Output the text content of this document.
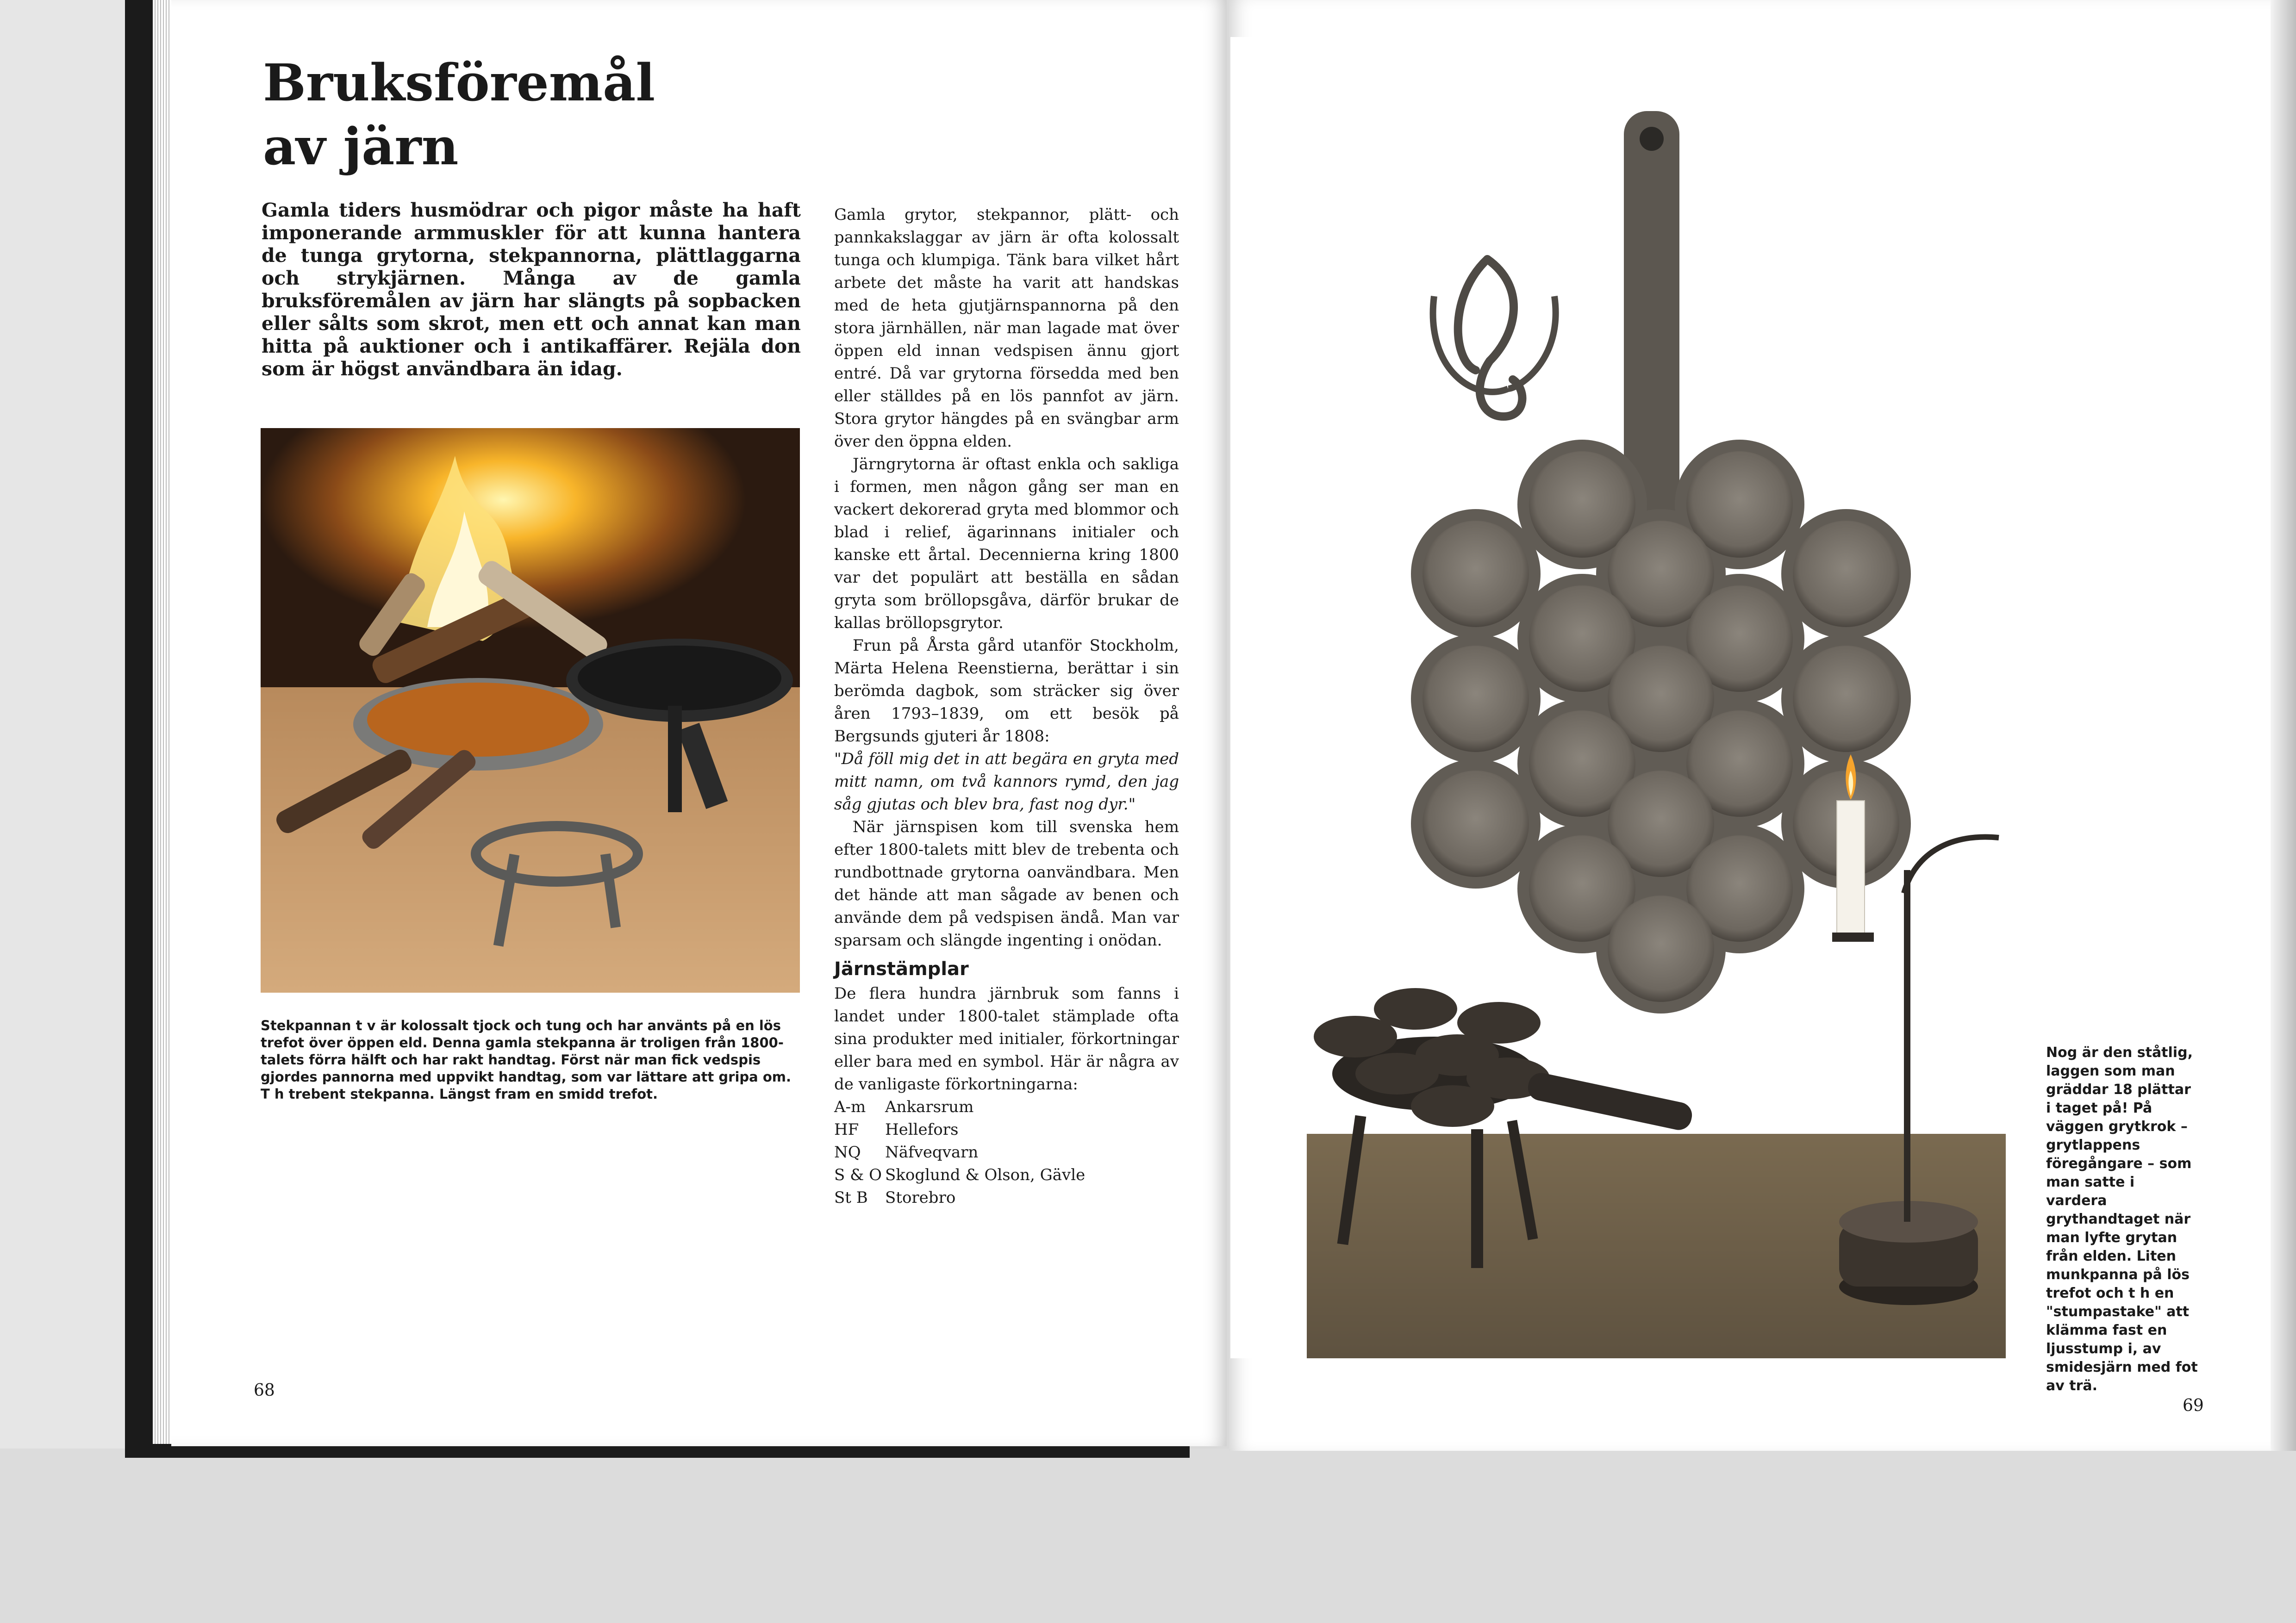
Bruksföremål
av järn
Gamla tiders husmödrar och pigor måste ha haft imponerande armmuskler för att kunna hantera de tunga grytorna, stekpannorna, plättlaggarna och strykjärnen. Många av de gamla bruksföremålen av järn har slängts på sopbacken eller sålts som skrot, men ett och annat kan man hitta på auktioner och i antikaffärer. Rejäla don som är högst användbara än idag.
Stekpannan t v är kolossalt tjock och tung och har använts på en lös trefot över öppen eld. Denna gamla stekpanna är troligen från 1800-talets förra hälft och har rakt handtag. Först när man fick vedspis gjordes pannorna med uppvikt handtag, som var lättare att gripa om. T h trebent stekpanna. Längst fram en smidd trefot.

Gamla grytor, stekpannor, plätt- och pannkakslaggar av järn är ofta kolossalt tunga och klumpiga. Tänk bara vilket hårt arbete det måste ha varit att handskas med de heta gjutjärnspannorna på den stora järnhällen, när man lagade mat över öppen eld innan vedspisen ännu gjort entré. Då var grytorna försedda med ben eller ställdes på en lös pannfot av järn. Stora grytor hängdes på en svängbar arm över den öppna elden.

Järngrytorna är oftast enkla och sakliga i formen, men någon gång ser man en vackert dekorerad gryta med blommor och blad i relief, ägarinnans initialer och kanske ett årtal. Decennierna kring 1800 var det populärt att beställa en sådan gryta som bröllopsgåva, därför brukar de kallas bröllopsgrytor.

Frun på Årsta gård utanför Stockholm, Märta Helena Reenstierna, berättar i sin berömda dagbok, som sträcker sig över åren 1793–1839, om ett besök på Bergsunds gjuteri år 1808:

"Då föll mig det in att begära en gryta med mitt namn, om två kannors rymd, den jag såg gjutas och blev bra, fast nog dyr."

När järnspisen kom till svenska hem efter 1800-talets mitt blev de trebenta och rundbottnade grytorna oanvändbara. Men det hände att man sågade av benen och använde dem på vedspisen ändå. Man var sparsam och slängde ingenting i onödan.

Järnstämplar

De flera hundra järnbruk som fanns i landet under 1800-talet stämplade ofta sina produkter med initialer, förkortningar eller bara med en symbol. Här är några av de vanligaste förkortningarna:

A-m	Ankarsrum
HF	Hellefors
NQ	Näfveqvarn
S & O	Skoglund & Olson, Gävle
St B	Storebro
68
Nog är den ståtlig, laggen som man gräddar 18 plättar i taget på! På väggen grytkrok – grytlappens föregångare – som man satte i vardera grythandtaget när man lyfte grytan från elden. Liten munkpanna på lös trefot och t h en "stumpastake" att klämma fast en ljusstump i, av smidesjärn med fot av trä.
69
